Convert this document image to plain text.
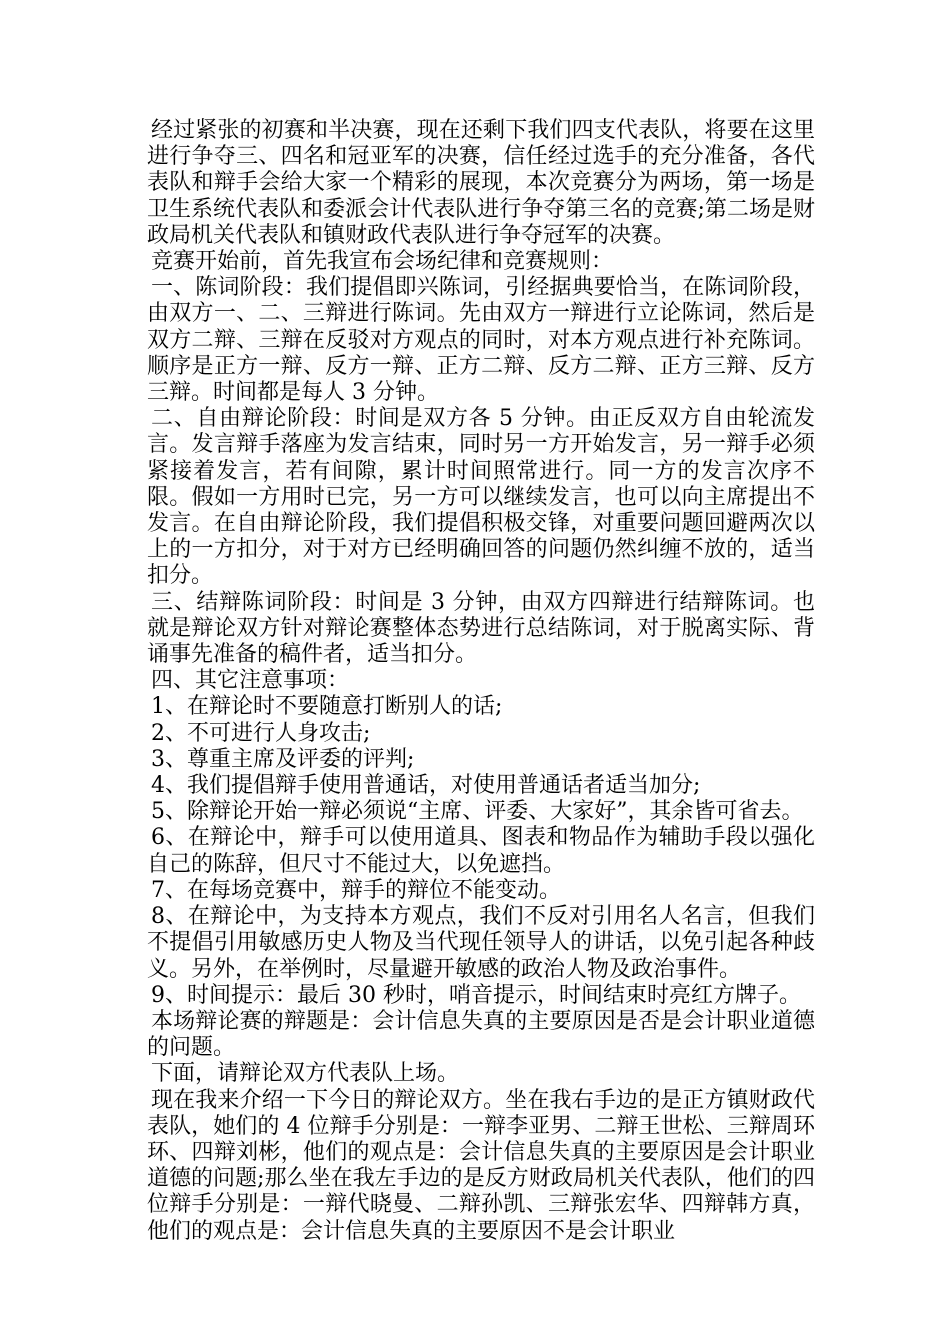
经过紧张的初赛和半决赛，现在还剩下我们四支代表队，将要在这里进行争夺三、四名和冠亚军的决赛，信任经过选手的充分准备，各代表队和辩手会给大家一个精彩的展现，本次竞赛分为两场，第一场是卫生系统代表队和委派会计代表队进行争夺第三名的竞赛;第二场是财政局机关代表队和镇财政代表队进行争夺冠军的决赛。

竞赛开始前，首先我宣布会场纪律和竞赛规则：

一、陈词阶段：我们提倡即兴陈词，引经据典要恰当，在陈词阶段，由双方一、二、三辩进行陈词。先由双方一辩进行立论陈词，然后是双方二辩、三辩在反驳对方观点的同时，对本方观点进行补充陈词。顺序是正方一辩、反方一辩、正方二辩、反方二辩、正方三辩、反方三辩。时间都是每人 3 分钟。

二、自由辩论阶段：时间是双方各 5 分钟。由正反双方自由轮流发言。发言辩手落座为发言结束，同时另一方开始发言，另一辩手必须紧接着发言，若有间隙，累计时间照常进行。同一方的发言次序不限。假如一方用时已完，另一方可以继续发言，也可以向主席提出不发言。在自由辩论阶段，我们提倡积极交锋，对重要问题回避两次以上的一方扣分，对于对方已经明确回答的问题仍然纠缠不放的，适当扣分。

三、结辩陈词阶段：时间是 3 分钟，由双方四辩进行结辩陈词。也就是辩论双方针对辩论赛整体态势进行总结陈词，对于脱离实际、背诵事先准备的稿件者，适当扣分。

四、其它注意事项：

1、在辩论时不要随意打断别人的话;

2、不可进行人身攻击;

3、尊重主席及评委的评判;

4、我们提倡辩手使用普通话，对使用普通话者适当加分;

5、除辩论开始一辩必须说“主席、评委、大家好”，其余皆可省去。

6、在辩论中，辩手可以使用道具、图表和物品作为辅助手段以强化自己的陈辞，但尺寸不能过大，以免遮挡。

7、在每场竞赛中，辩手的辩位不能变动。

8、在辩论中，为支持本方观点，我们不反对引用名人名言，但我们不提倡引用敏感历史人物及当代现任领导人的讲话，以免引起各种歧义。另外，在举例时，尽量避开敏感的政治人物及政治事件。

9、时间提示：最后 30 秒时，哨音提示，时间结束时亮红方牌子。

本场辩论赛的辩题是：会计信息失真的主要原因是否是会计职业道德的问题。

下面，请辩论双方代表队上场。

现在我来介绍一下今日的辩论双方。坐在我右手边的是正方镇财政代表队，她们的 4 位辩手分别是：一辩李亚男、二辩王世松、三辩周环环、四辩刘彬，他们的观点是：会计信息失真的主要原因是会计职业道德的问题;那么坐在我左手边的是反方财政局机关代表队，他们的四位辩手分别是：一辩代晓曼、二辩孙凯、三辩张宏华、四辩韩方真，他们的观点是：会计信息失真的主要原因不是会计职业
